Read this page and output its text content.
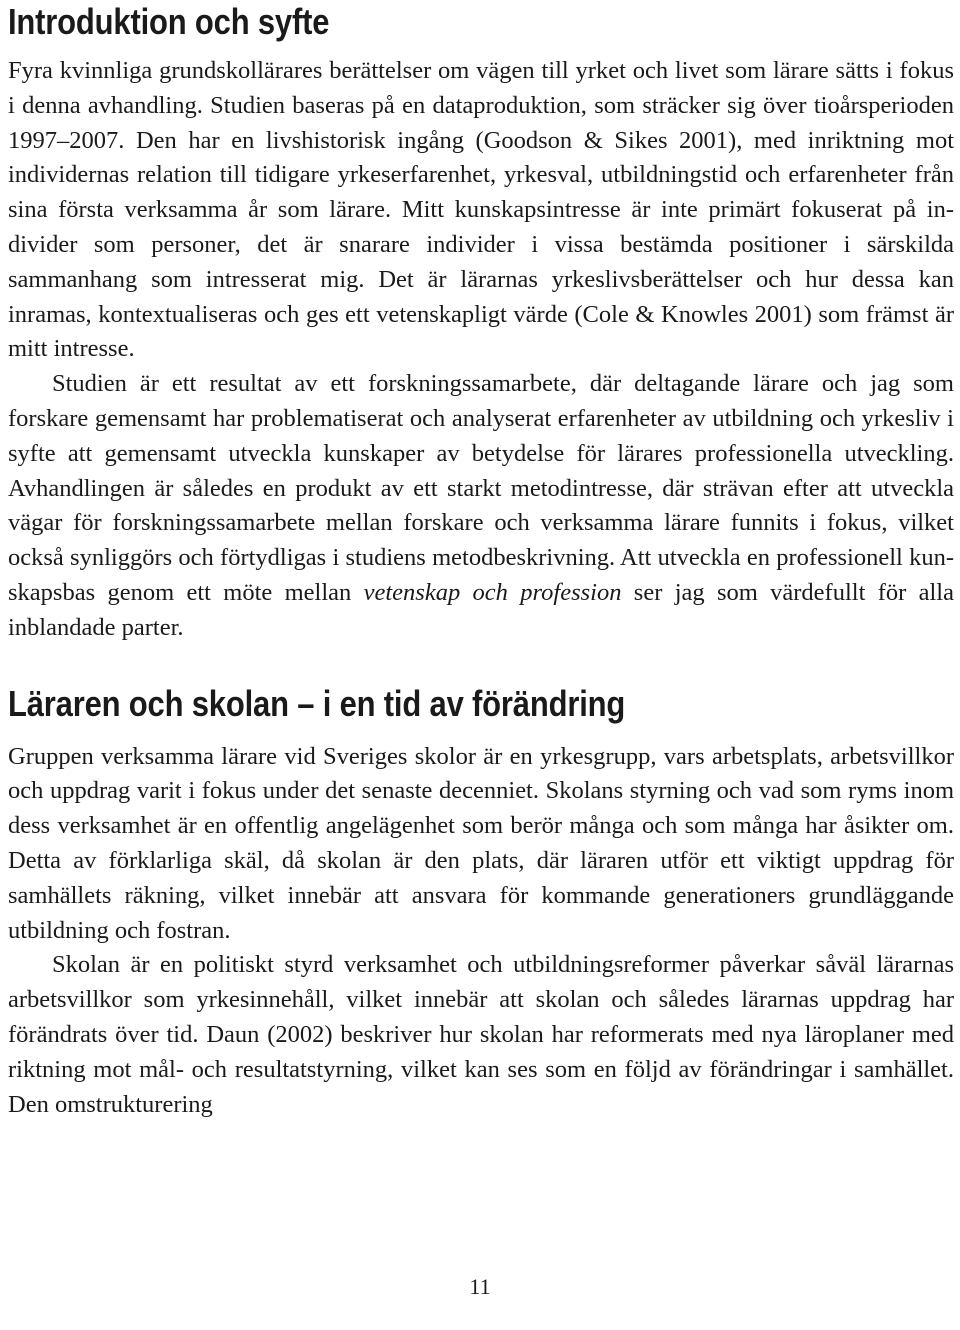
Introduktion och syfte

Fyra kvinnliga grundskollärares berättelser om vägen till yrket och livet som lärare sätts i fokus i denna avhandling. Studien baseras på en dataproduktion, som sträcker sig över tioårsperioden 1997–2007. Den har en livshistorisk ingång (Goodson & Sikes 2001), med inriktning mot individernas relation till tidigare yrkeserfarenhet, yrkesval, utbildningstid och erfarenheter från sina första verksamma år som lärare. Mitt kunskapsintresse är inte primärt fokuserat på individer som personer, det är snarare individer i vissa bestämda positioner i särskilda sammanhang som intresserat mig. Det är lärarnas yrkeslivsberättelser och hur dessa kan inramas, kontextualiseras och ges ett vetenskapligt värde (Cole & Knowles 2001) som främst är mitt intresse.

Studien är ett resultat av ett forskningssamarbete, där deltagande lärare och jag som forskare gemensamt har problematiserat och analyserat erfarenheter av utbildning och yrkesliv i syfte att gemensamt utveckla kunskaper av betydelse för lärares professionella utveckling. Avhandlingen är således en produkt av ett starkt metodintresse, där strävan efter att utveckla vägar för forskningssamarbete mellan forskare och verksamma lärare funnits i fokus, vilket också synliggörs och förtydligas i studiens metodbeskrivning. Att utveckla en professionell kunskapsbas genom ett möte mellan vetenskap och profession ser jag som värdefullt för alla inblandade parter.

Läraren och skolan – i en tid av förändring

Gruppen verksamma lärare vid Sveriges skolor är en yrkesgrupp, vars arbetsplats, arbetsvillkor och uppdrag varit i fokus under det senaste decenniet. Skolans styrning och vad som ryms inom dess verksamhet är en offentlig angelägenhet som berör många och som många har åsikter om. Detta av förklarliga skäl, då skolan är den plats, där läraren utför ett viktigt uppdrag för samhällets räkning, vilket innebär att ansvara för kommande generationers grundläggande utbildning och fostran.

Skolan är en politiskt styrd verksamhet och utbildningsreformer påverkar såväl lärarnas arbetsvillkor som yrkesinnehåll, vilket innebär att skolan och således lärarnas uppdrag har förändrats över tid. Daun (2002) beskriver hur skolan har reformerats med nya läroplaner med riktning mot mål- och resultatstyrning, vilket kan ses som en följd av förändringar i samhället. Den omstrukturering

11
